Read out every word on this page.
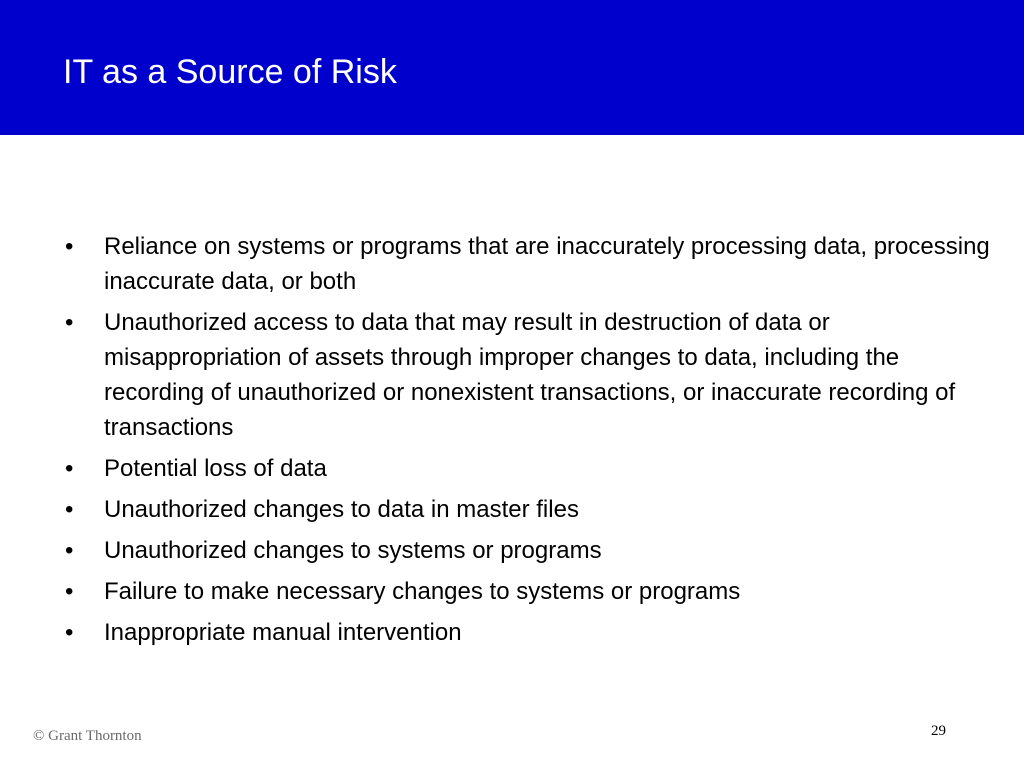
IT as a Source of Risk
• Reliance on systems or programs that are inaccurately processing data, processing inaccurate data, or both
• Unauthorized access to data that may result in destruction of data or misappropriation of assets through improper changes to data, including the recording of unauthorized or nonexistent transactions, or inaccurate recording of transactions
• Potential loss of data
• Unauthorized changes to data in master files
• Unauthorized changes to systems or programs
• Failure to make necessary changes to systems or programs
• Inappropriate manual intervention
© Grant Thornton	29
